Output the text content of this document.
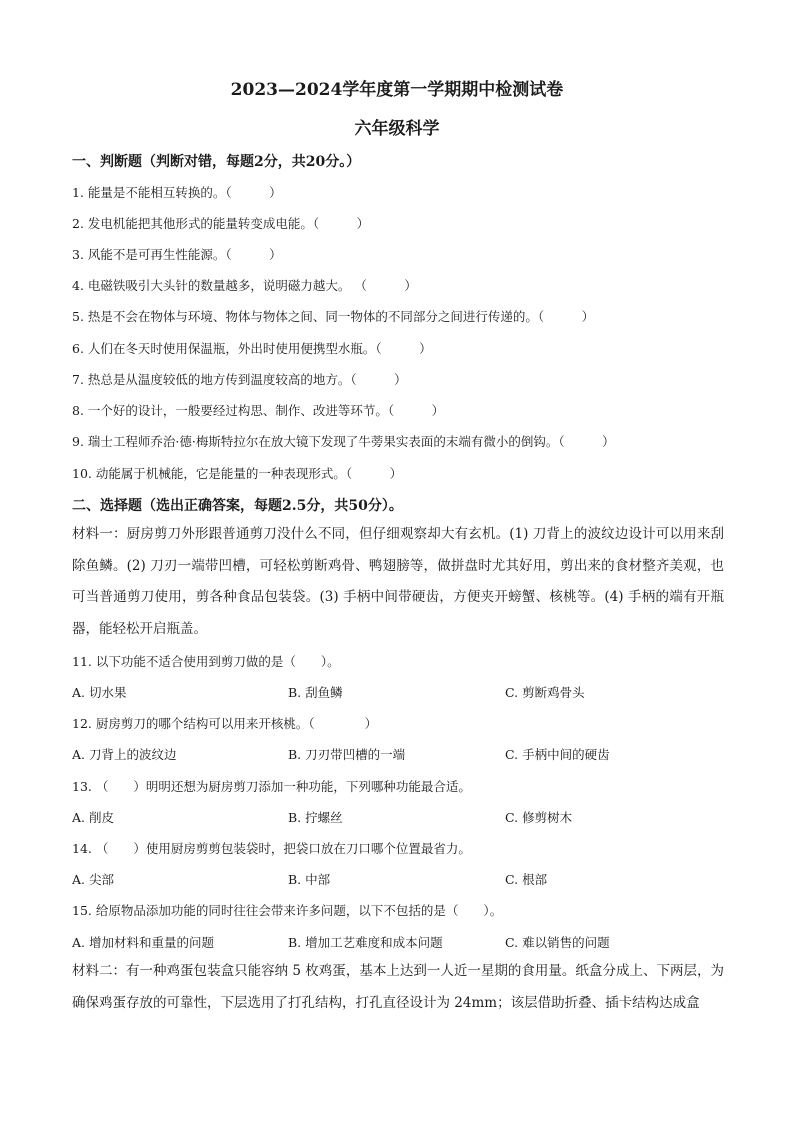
2023—2024学年度第一学期期中检测试卷
六年级科学
一、判断题（判断对错，每题2分，共20分。）
1. 能量是不能相互转换的。（　　　）
2. 发电机能把其他形式的能量转变成电能。（　　　）
3. 风能不是可再生性能源。（　　　）
4. 电磁铁吸引大头针的数量越多，说明磁力越大。 （　　　）
5. 热是不会在物体与环境、物体与物体之间、同一物体的不同部分之间进行传递的。（　　　）
6. 人们在冬天时使用保温瓶，外出时使用便携型水瓶。（　　　）
7. 热总是从温度较低的地方传到温度较高的地方。（　　　）
8. 一个好的设计，一般要经过构思、制作、改进等环节。（　　　）
9. 瑞士工程师乔治·德·梅斯特拉尔在放大镜下发现了牛蒡果实表面的末端有微小的倒钩。（　　　）
10. 动能属于机械能，它是能量的一种表现形式。（　　　）
二、选择题（选出正确答案，每题2.5分，共50分）。
材料一：厨房剪刀外形跟普通剪刀没什么不同，但仔细观察却大有玄机。(1) 刀背上的波纹边设计可以用来刮除鱼鳞。(2) 刀刃一端带凹槽，可轻松剪断鸡骨、鸭翅膀等，做拼盘时尤其好用，剪出来的食材整齐美观，也可当普通剪刀使用，剪各种食品包装袋。(3) 手柄中间带硬齿，方便夹开螃蟹、核桃等。(4) 手柄的端有开瓶器，能轻松开启瓶盖。
11. 以下功能不适合使用到剪刀做的是（　　）。
A. 切水果	B. 刮鱼鳞	C. 剪断鸡骨头
12. 厨房剪刀的哪个结构可以用来开核桃。（　　　　）
A. 刀背上的波纹边	B. 刀刃带凹槽的一端	C. 手柄中间的硬齿
13. （　　）明明还想为厨房剪刀添加一种功能，下列哪种功能最合适。
A. 削皮	B. 拧螺丝	C. 修剪树木
14. （　　）使用厨房剪剪包装袋时，把袋口放在刀口哪个位置最省力。
A. 尖部	B. 中部	C. 根部
15. 给原物品添加功能的同时往往会带来许多问题，以下不包括的是（　　）。
A. 增加材料和重量的问题	B. 增加工艺难度和成本问题	C. 难以销售的问题
材料二：有一种鸡蛋包装盒只能容纳 5 枚鸡蛋，基本上达到一人近一星期的食用量。纸盒分成上、下两层，为确保鸡蛋存放的可靠性，下层选用了打孔结构，打孔直径设计为 24mm；该层借助折叠、插卡结构达成盒
